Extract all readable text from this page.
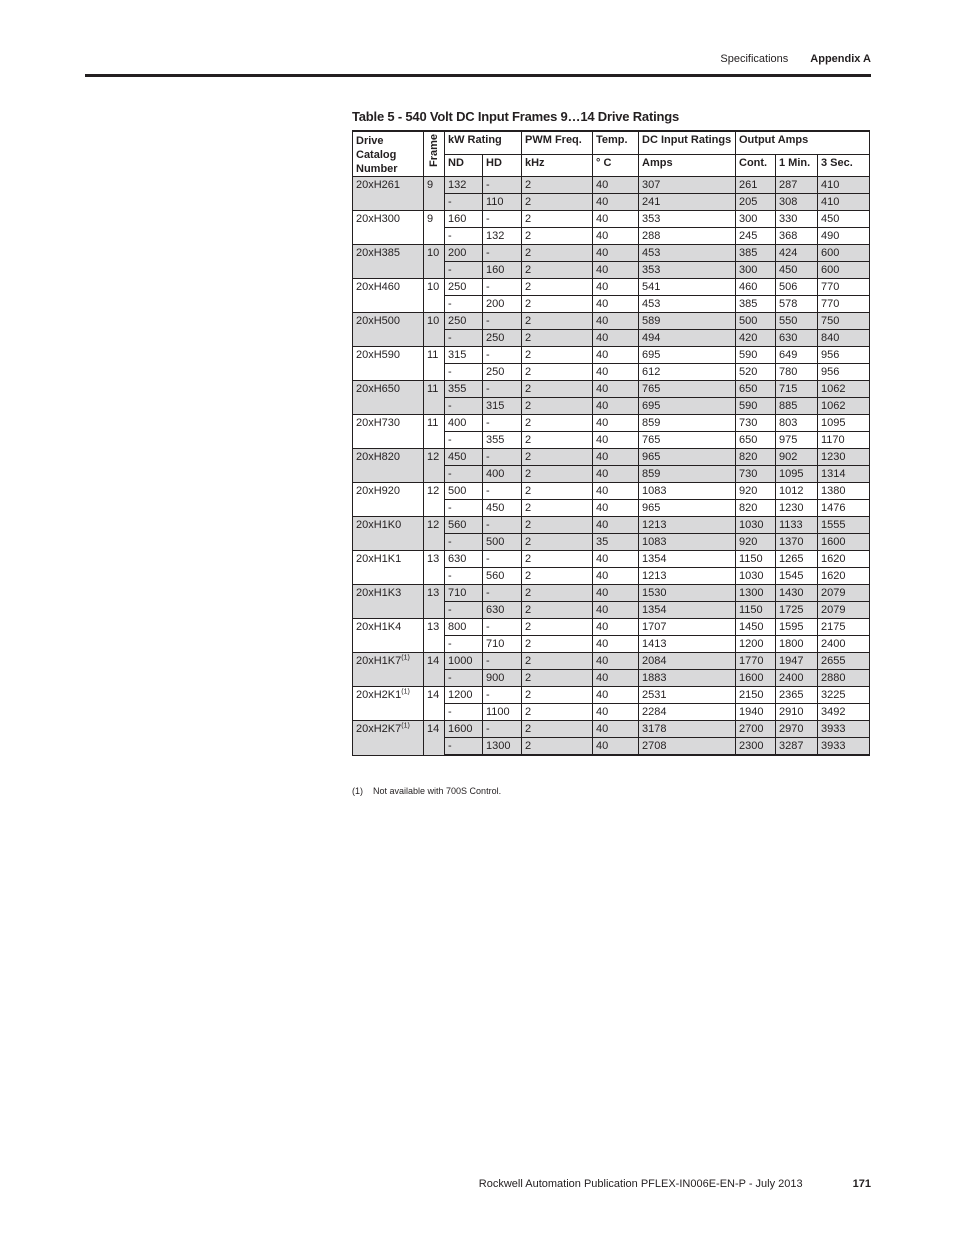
Specifications Appendix A
Table 5 - 540 Volt DC Input Frames 9…14 Drive Ratings
Drive Catalog Number	Frame	kW Rating		PWM Freq.	Temp.	DC Input Ratings	Output Amps		
		ND	HD	kHz	° C	Amps	Cont.	1 Min.	3 Sec.
20xH261	9	132	-	2	40	307	261	287	410
		-	110	2	40	241	205	308	410
20xH300	9	160	-	2	40	353	300	330	450
		-	132	2	40	288	245	368	490
20xH385	10	200	-	2	40	453	385	424	600
		-	160	2	40	353	300	450	600
20xH460	10	250	-	2	40	541	460	506	770
		-	200	2	40	453	385	578	770
20xH500	10	250	-	2	40	589	500	550	750
		-	250	2	40	494	420	630	840
20xH590	11	315	-	2	40	695	590	649	956
		-	250	2	40	612	520	780	956
20xH650	11	355	-	2	40	765	650	715	1062
		-	315	2	40	695	590	885	1062
20xH730	11	400	-	2	40	859	730	803	1095
		-	355	2	40	765	650	975	1170
20xH820	12	450	-	2	40	965	820	902	1230
		-	400	2	40	859	730	1095	1314
20xH920	12	500	-	2	40	1083	920	1012	1380
		-	450	2	40	965	820	1230	1476
20xH1K0	12	560	-	2	40	1213	1030	1133	1555
		-	500	2	35	1083	920	1370	1600
20xH1K1	13	630	-	2	40	1354	1150	1265	1620
		-	560	2	40	1213	1030	1545	1620
20xH1K3	13	710	-	2	40	1530	1300	1430	2079
		-	630	2	40	1354	1150	1725	2079
20xH1K4	13	800	-	2	40	1707	1450	1595	2175
		-	710	2	40	1413	1200	1800	2400
20xH1K7$^{(1)}$	14	1000	-	2	40	2084	1770	1947	2655
		-	900	2	40	1883	1600	2400	2880
20xH2K1$^{(1)}$	14	1200	-	2	40	2531	2150	2365	3225
		-	1100	2	40	2284	1940	2910	3492
20xH2K7$^{(1)}$	14	1600	-	2	40	3178	2700	2970	3933
		-	1300	2	40	2708	2300	3287	3933
(1) Not available with 700S Control.
Rockwell Automation Publication PFLEX-IN006E-EN-P - July 2013	171
